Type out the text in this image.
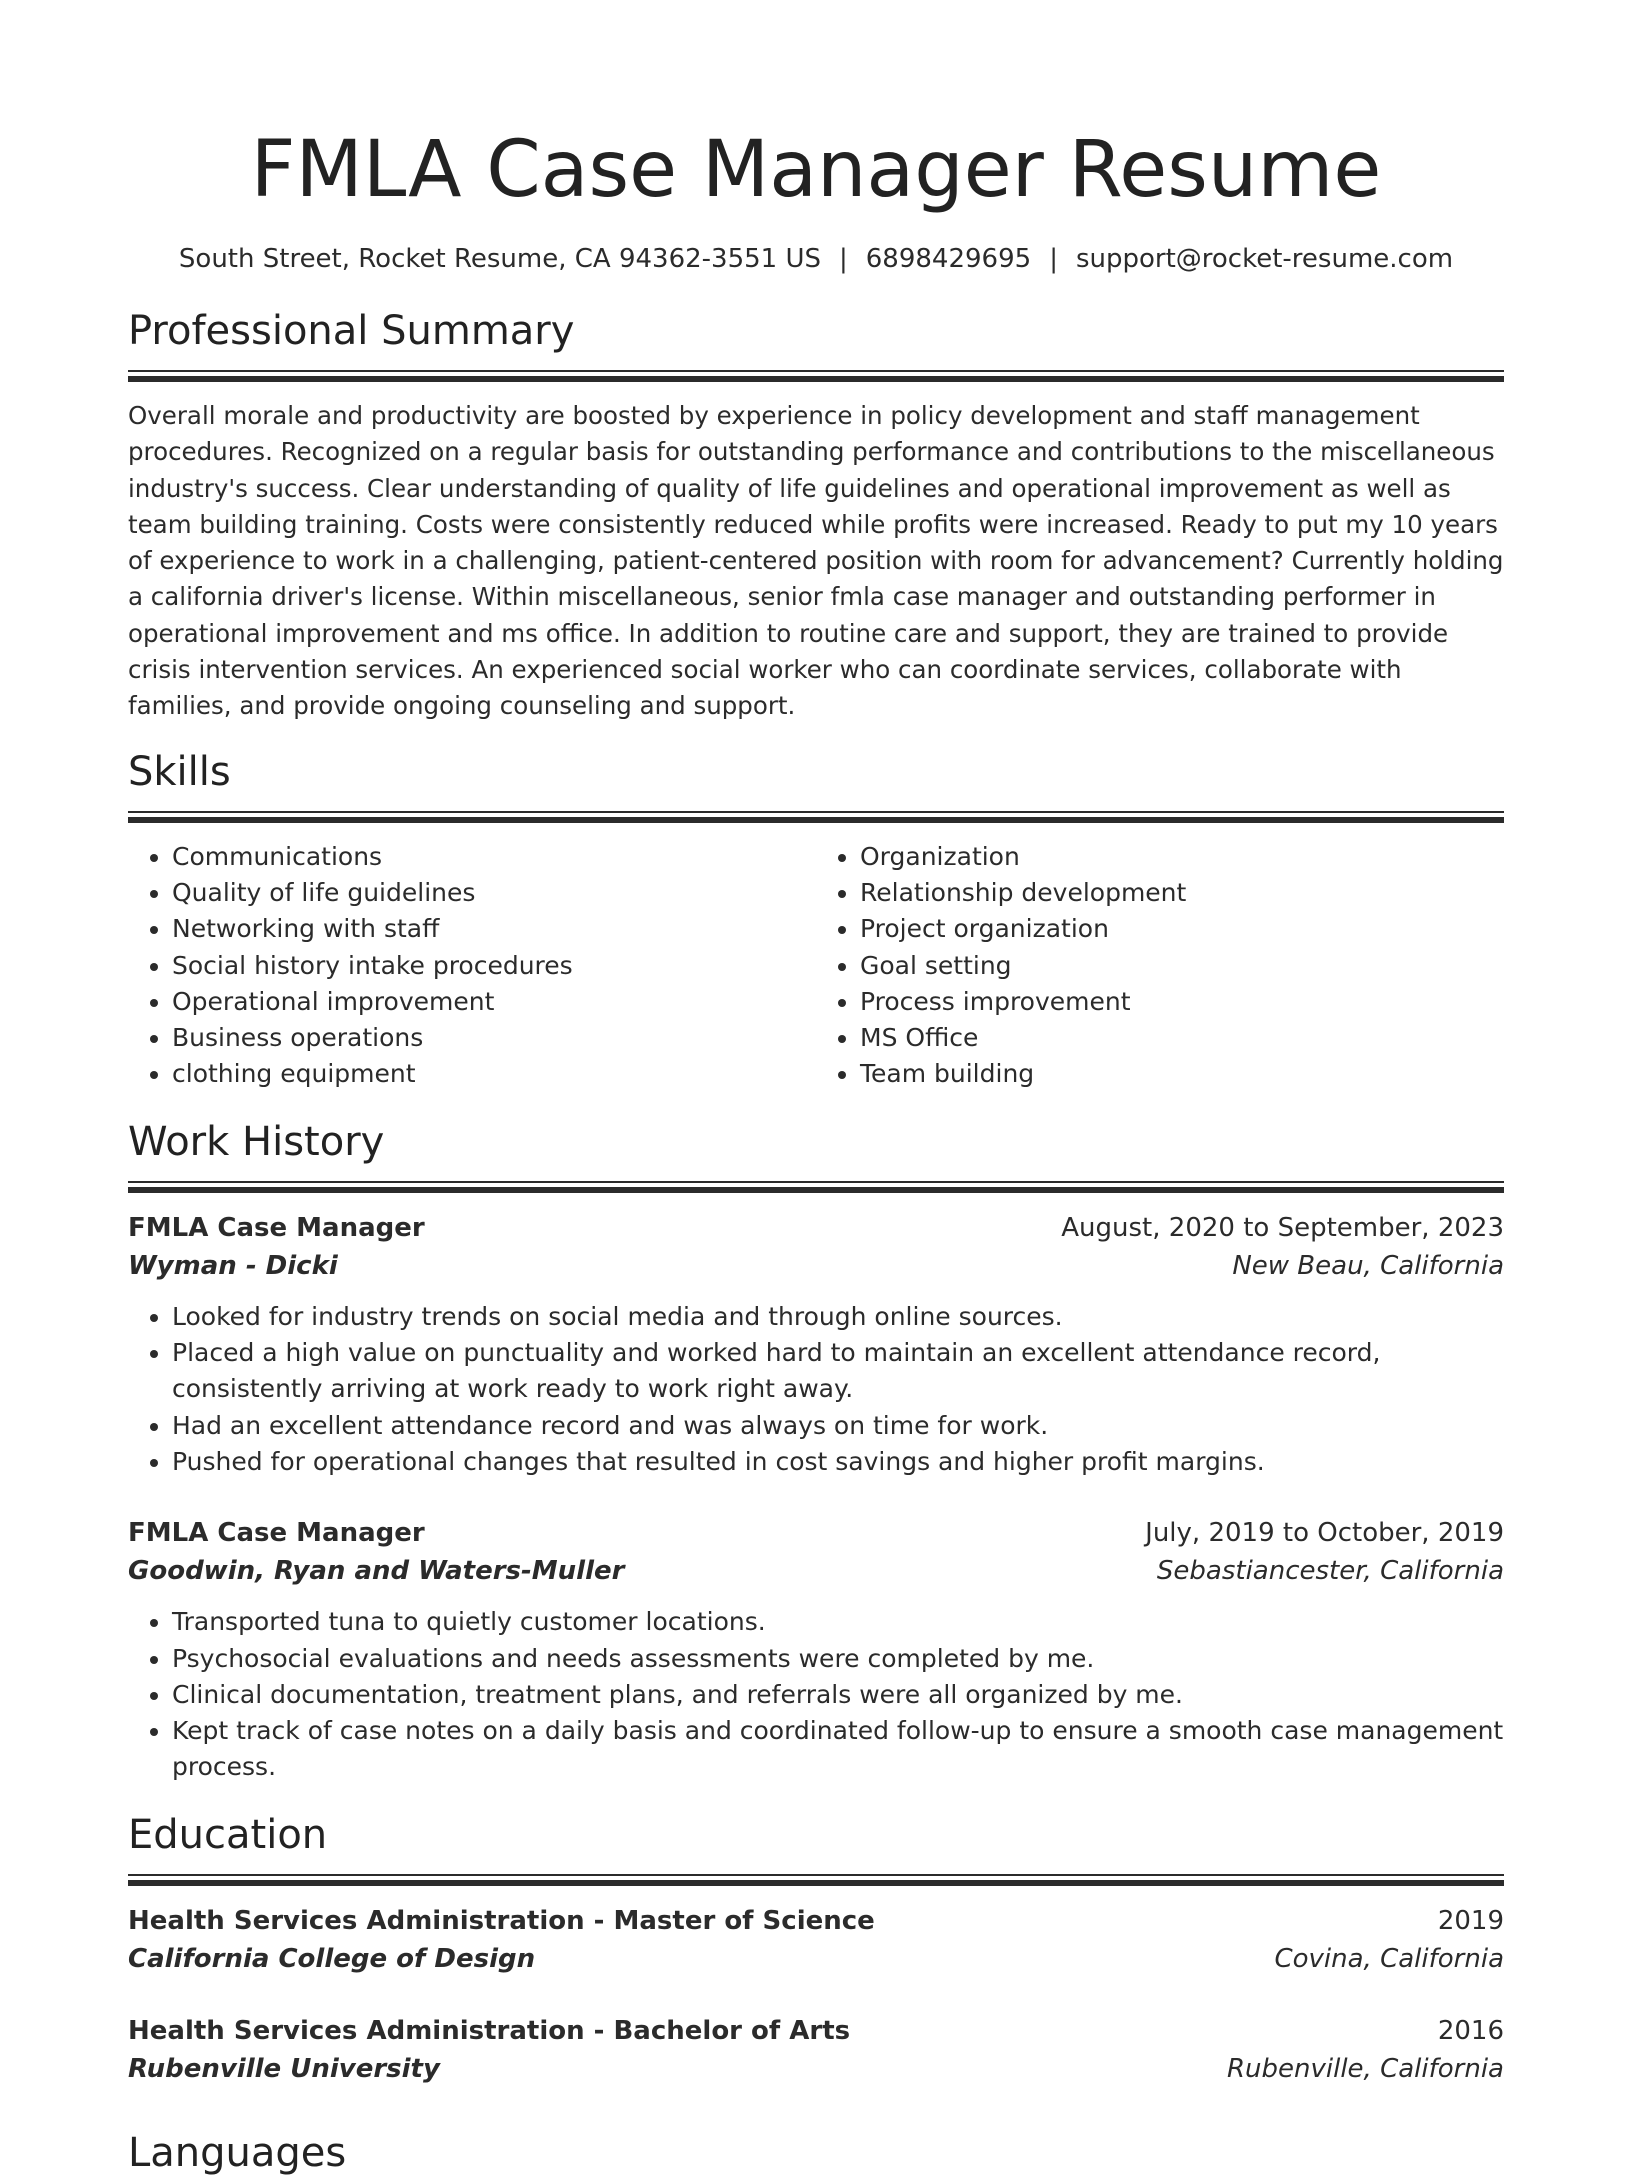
FMLA Case Manager Resume
South Street, Rocket Resume, CA 94362-3551 US | 6898429695 | support@rocket-resume.com
Professional Summary

Overall morale and productivity are boosted by experience in policy development and staff management procedures. Recognized on a regular basis for outstanding performance and contributions to the miscellaneous industry's success. Clear understanding of quality of life guidelines and operational improvement as well as team building training. Costs were consistently reduced while profits were increased. Ready to put my 10 years of experience to work in a challenging, patient-centered position with room for advancement? Currently holding a california driver's license. Within miscellaneous, senior fmla case manager and outstanding performer in operational improvement and ms office. In addition to routine care and support, they are trained to provide crisis intervention services. An experienced social worker who can coordinate services, collaborate with families, and provide ongoing counseling and support.

Skills
• Communications
• Quality of life guidelines
• Networking with staff
• Social history intake procedures
• Operational improvement
• Business operations
• clothing equipment
• Organization
• Relationship development
• Project organization
• Goal setting
• Process improvement
• MS Office
• Team building
Work History
FMLA Case Manager	August, 2020 to September, 2023
Wyman - Dicki	New Beau, California
• Looked for industry trends on social media and through online sources.
• Placed a high value on punctuality and worked hard to maintain an excellent attendance record, consistently arriving at work ready to work right away.
• Had an excellent attendance record and was always on time for work.
• Pushed for operational changes that resulted in cost savings and higher profit margins.
FMLA Case Manager	July, 2019 to October, 2019
Goodwin, Ryan and Waters-Muller	Sebastiancester, California
• Transported tuna to quietly customer locations.
• Psychosocial evaluations and needs assessments were completed by me.
• Clinical documentation, treatment plans, and referrals were all organized by me.
• Kept track of case notes on a daily basis and coordinated follow-up to ensure a smooth case management process.
Education
Health Services Administration - Master of Science	2019
California College of Design	Covina, California
Health Services Administration - Bachelor of Arts	2016
Rubenville University	Rubenville, California
Languages
